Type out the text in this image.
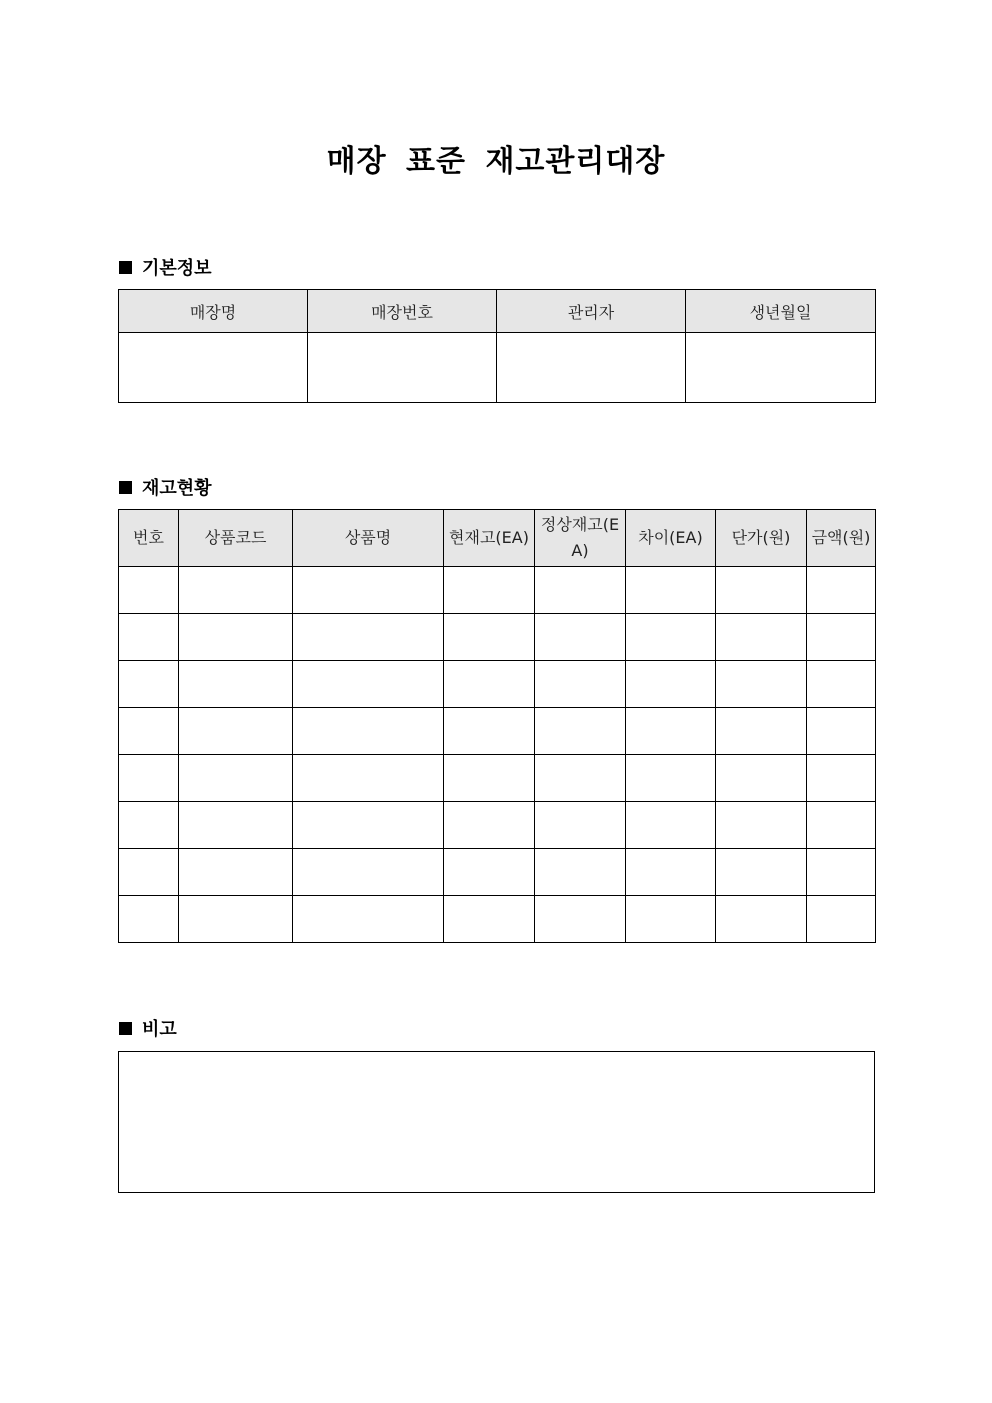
매장 표준 재고관리대장
기본정보
매장명	매장번호	관리자	생년월일

재고현황
번호	상품코드	상품명	현재고(EA)	정상재고(EA)	차이(EA)	단가(원)	금액(원)

비고
